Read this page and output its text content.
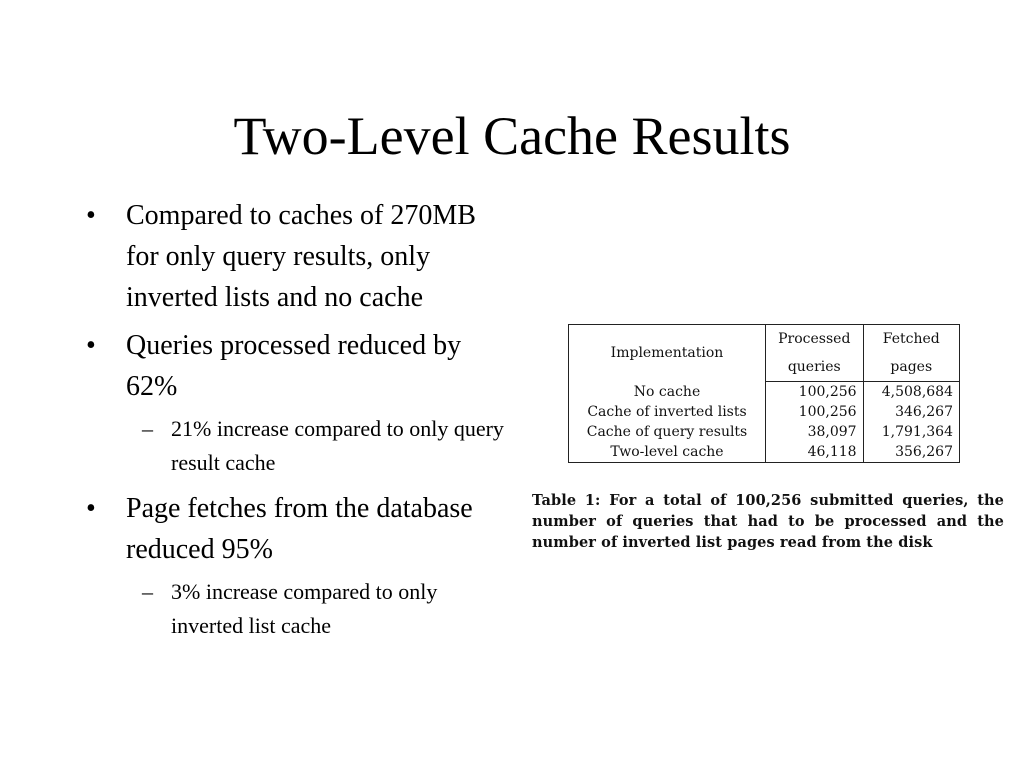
Two-Level Cache Results
• Compared to caches of 270MB for only query results, only inverted lists and no cache
• Queries processed reduced by 62%
– 21% increase compared to only query result cache
• Page fetches from the database reduced 95%
– 3% increase compared to only inverted list cache
Implementation	Processed	Fetched
	queries	pages
No cache	100,256	4,508,684
Cache of inverted lists	100,256	346,267
Cache of query results	38,097	1,791,364
Two-level cache	46,118	356,267
Table 1: For a total of 100,256 submitted queries, the number of queries that had to be processed and the number of inverted list pages read from the disk
